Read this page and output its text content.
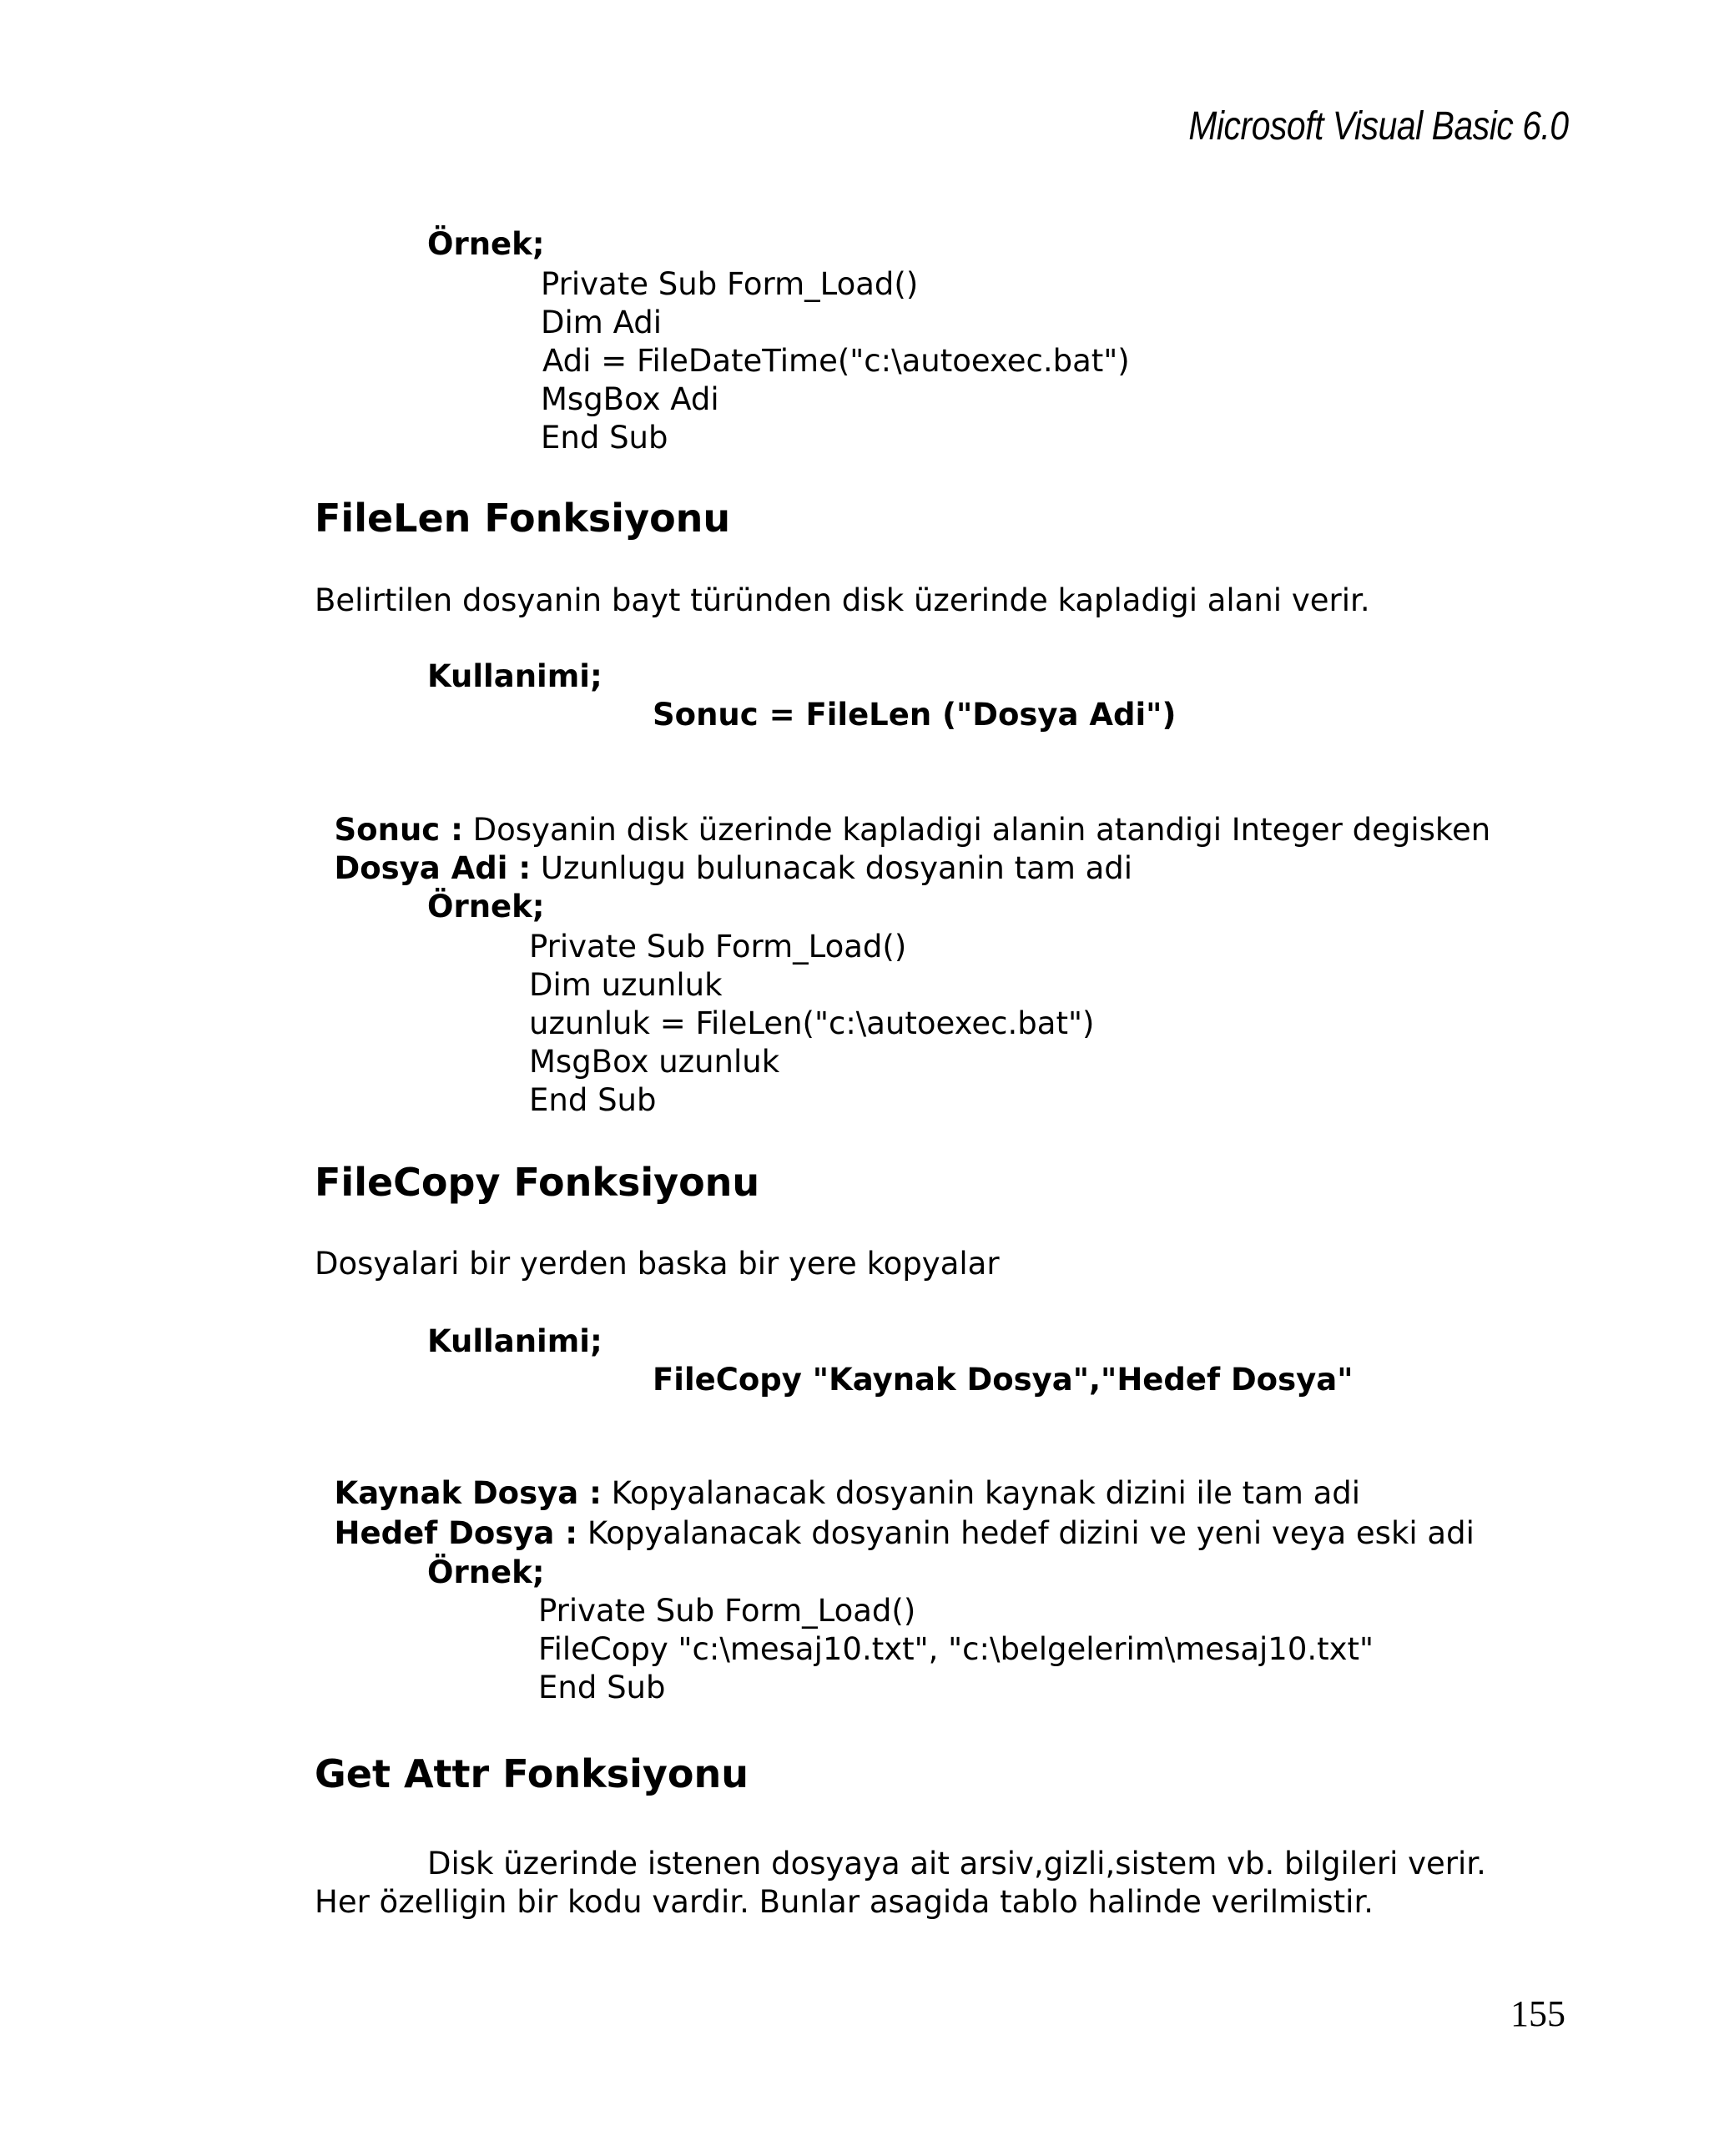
Microsoft Visual Basic 6.0
Örnek;
Private Sub Form_Load()
Dim Adi
Adi = FileDateTime("c:\autoexec.bat")
MsgBox Adi
End Sub
FileLen Fonksiyonu
Belirtilen dosyanin bayt türünden disk üzerinde kapladigi alani verir.
Kullanimi;
Sonuc = FileLen ("Dosya Adi")

Sonuc : Dosyanin disk üzerinde kapladigi alanin atandigi Integer degisken

Dosya Adi : Uzunlugu bulunacak dosyanin tam adi

Örnek;
Private Sub Form_Load()
Dim uzunluk
uzunluk = FileLen("c:\autoexec.bat")
MsgBox uzunluk
End Sub
FileCopy Fonksiyonu
Dosyalari bir yerden baska bir yere kopyalar
Kullanimi;
FileCopy "Kaynak Dosya","Hedef Dosya"

Kaynak Dosya : Kopyalanacak dosyanin kaynak dizini ile tam adi

Hedef Dosya : Kopyalanacak dosyanin hedef dizini ve yeni veya eski adi

Örnek;
Private Sub Form_Load()
FileCopy "c:\mesaj10.txt", "c:\belgelerim\mesaj10.txt"
End Sub
Get Attr Fonksiyonu
Disk üzerinde istenen dosyaya ait arsiv,gizli,sistem vb. bilgileri verir.
Her özelligin bir kodu vardir. Bunlar asagida tablo halinde verilmistir.
155
